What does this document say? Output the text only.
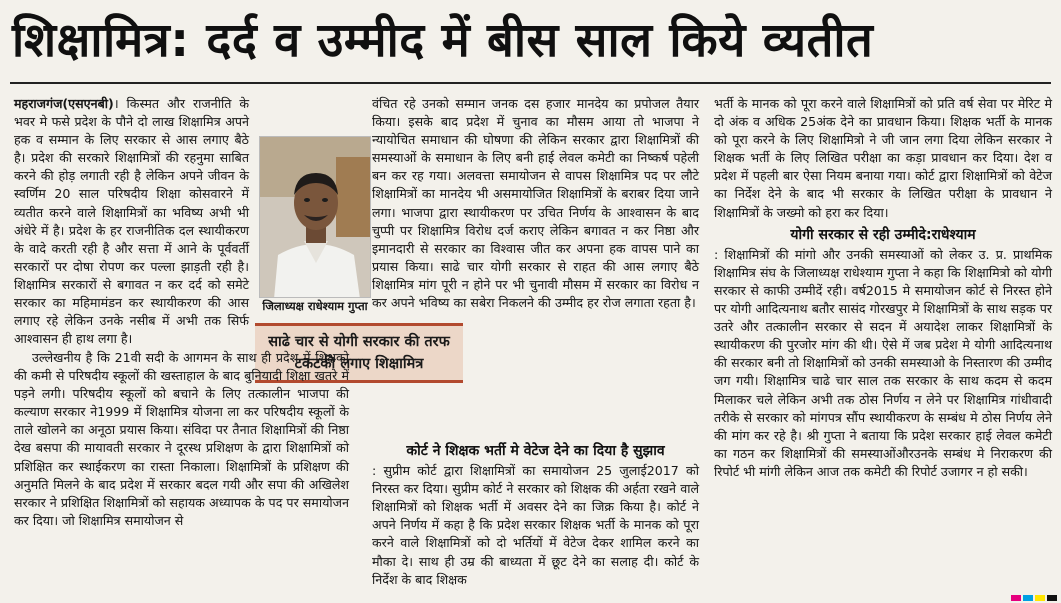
शिक्षामित्र: दर्द व उम्मीद में बीस साल किये व्यतीत

महराजगंज(एसएनबी)। किस्मत और राजनीति के भवर मे फसे प्रदेश के पौने दो लाख शिक्षामित्र अपने हक व सम्मान के लिए सरकार से आस लगाए बैठे है। प्रदेश की सरकारे शिक्षामित्रों की रहनुमा साबित करने की होड़ लगाती रही है लेकिन अपने जीवन के स्वर्णिम 20 साल परिषदीय शिक्षा कोसवारने में व्यतीत करने वाले शिक्षामित्रों का भविष्य अभी भी अंधेरे में है। प्रदेश के हर राजनीतिक दल स्थायीकरण के वादे करती रही है और सत्ता में आने के पूर्ववर्ती सरकारों पर दोषा रोपण कर पल्ला झाड़ती रही है। शिक्षामित्र सरकारों से बगावत न कर दर्द को समेटे सरकार का महिमामंडन कर स्थायीकरण की आस लगाए रहे लेकिन उनके नसीब में अभी तक सिर्फ आश्वासन ही हाथ लगा है।

जिलाध्यक्ष राधेश्याम गुप्ता
साढे चार से योगी सरकार की तरफ टकटकी लगाए शिक्षामित्र

उल्लेखनीय है कि 21वी सदी के आगमन के साथ ही प्रदेश में शिक्षको की कमी से परिषदीय स्कूलों की खस्ताहाल के बाद बुनियादी शिक्षा खतरे में पड़ने लगी। परिषदीय स्कूलों को बचाने के लिए तत्कालीन भाजपा की कल्याण सरकार ने1999 में शिक्षामित्र योजना ला कर परिषदीय स्कूलों के ताले खोलने का अनूठा प्रयास किया। संविदा पर तैनात शिक्षामित्रों की निष्ठा देख बसपा की मायावती सरकार ने दूरस्थ प्रशिक्षण के द्वारा शिक्षामित्रों को प्रशिक्षित कर स्थाईकरण का रास्ता निकाला। शिक्षामित्रों के प्रशिक्षण की अनुमति मिलने के बाद प्रदेश में सरकार बदल गयी और सपा की अखिलेश सरकार ने प्रशिक्षित शिक्षामित्रों को सहायक अध्यापक के पद पर समायोजन कर दिया। जो शिक्षामित्र समायोजन से

वंचित रहे उनको सम्मान जनक दस हजार मानदेय का प्रपोजल तैयार किया। इसके बाद प्रदेश में चुनाव का मौसम आया तो भाजपा ने न्यायोचित समाधान की घोषणा की लेकिन सरकार द्वारा शिक्षामित्रों की समस्याओं के समाधान के लिए बनी हाई लेवल कमेटी का निष्कर्ष पहेली बन कर रह गया। अलवत्ता समायोजन से वापस शिक्षामित्र पद पर लौटे शिक्षामित्रों का मानदेय भी असमायोजित शिक्षामित्रों के बराबर दिया जाने लगा। भाजपा द्वारा स्थायीकरण पर उचित निर्णय के आश्वासन के बाद चुप्पी पर शिक्षामित्र विरोध दर्ज कराए लेकिन बगावत न कर निष्ठा और इमानदारी से सरकार का विश्वास जीत कर अपना हक वापस पाने का प्रयास किया। साढे चार योगी सरकार से राहत की आस लगाए बैठे शिक्षामित्र मांग पूरी न होने पर भी चुनावी मौसम में सरकार का विरोध न कर अपने भविष्य का सबेरा निकलने की उम्मीद हर रोज लगाता रहता है।

कोर्ट ने शिक्षक भर्ती मे वेटेज देने का दिया है सुझाव

: सुप्रीम कोर्ट द्वारा शिक्षामित्रों का समायोजन 25 जुलाई2017 को निरस्त कर दिया। सुप्रीम कोर्ट ने सरकार को शिक्षक की अर्हता रखने वाले शिक्षामित्रों को शिक्षक भर्ती में अवसर देने का जिक्र किया है। कोर्ट ने अपने निर्णय में कहा है कि प्रदेश सरकार शिक्षक भर्ती के मानक को पूरा करने वाले शिक्षामित्रों को दो भर्तियों में वेटेज देकर शामिल करने का मौका दे। साथ ही उम्र की बाध्यता में छूट देने का सलाह दी। कोर्ट के निर्देश के बाद शिक्षक

भर्ती के मानक को पूरा करने वाले शिक्षामित्रों को प्रति वर्ष सेवा पर मेरिट मे दो अंक व अधिक 25अंक देने का प्रावधान किया। शिक्षक भर्ती के मानक को पूरा करने के लिए शिक्षामित्रो ने जी जान लगा दिया लेकिन सरकार ने शिक्षक भर्ती के लिए लिखित परीक्षा का कड़ा प्रावधान कर दिया। देश व प्रदेश में पहली बार ऐसा नियम बनाया गया। कोर्ट द्वारा शिक्षामित्रों को वेटेज का निर्देश देने के बाद भी सरकार के लिखित परीक्षा के प्रावधान ने शिक्षामित्रों के जख्मो को हरा कर दिया।

योगी सरकार से रही उम्मीदे:राधेश्याम

: शिक्षामित्रों की मांगो और उनकी समस्याओं को लेकर उ. प्र. प्राथमिक शिक्षामित्र संघ के जिलाध्यक्ष राधेश्याम गुप्ता ने कहा कि शिक्षामित्रो को योगी सरकार से काफी उम्मीदें रही। वर्ष2015 मे समायोजन कोर्ट से निरस्त होने पर योगी आदित्यनाथ बतौर सासंद गोरखपुर मे शिक्षामित्रों के साथ सड़क पर उतरे और तत्कालीन सरकार से सदन में अयादेश लाकर शिक्षामित्रों के स्थायीकरण की पुरजोर मांग की थी। ऐसे में जब प्रदेश मे योगी आदित्यनाथ की सरकार बनी तो शिक्षामित्रों को उनकी समस्याओ के निस्तारण की उम्मीद जग गयी। शिक्षामित्र चाढे चार साल तक सरकार के साथ कदम से कदम मिलाकर चले लेकिन अभी तक ठोस निर्णय न लेने पर शिक्षामित्र गांधीवादी तरीके से सरकार को मांगपत्र सौंप स्थायीकरण के सम्बंध मे ठोस निर्णय लेने की मांग कर रहे है। श्री गुप्ता ने बताया कि प्रदेश सरकार हाई लेवल कमेटी का गठन कर शिक्षामित्रों की समस्याओंऔरउनके सम्बंध मे निराकरण की रिपोर्ट भी मांगी लेकिन आज तक कमेटी की रिपोर्ट उजागर न हो सकी।
